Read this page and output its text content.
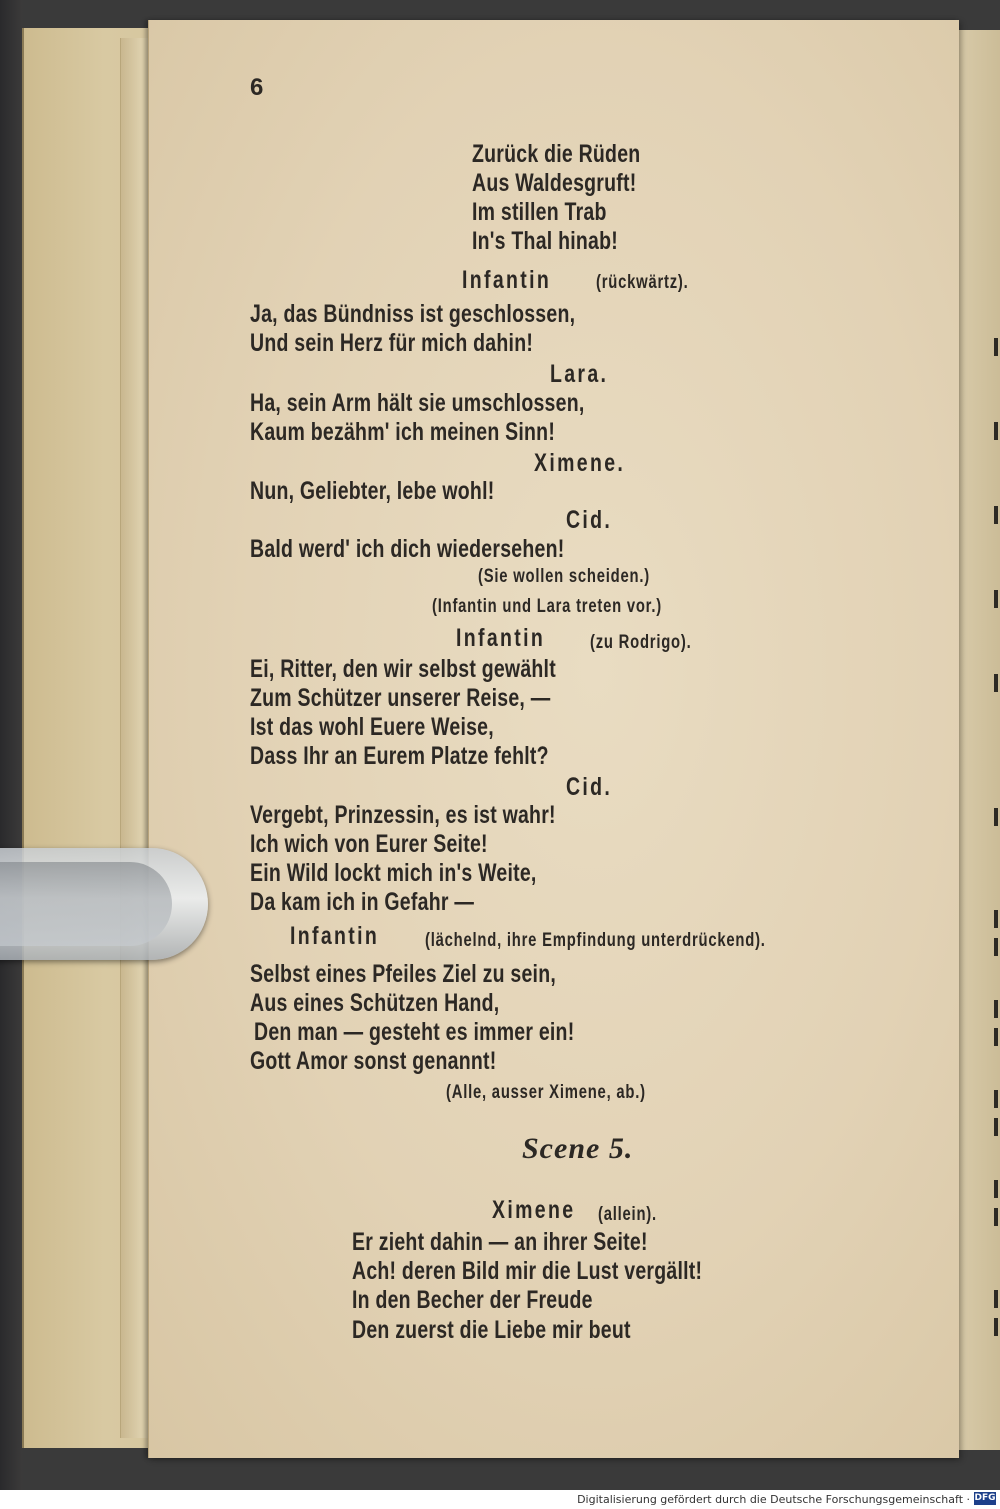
6

Zurück die Rüden

Aus Waldesgruft!

Im stillen Trab

In's Thal hinab!

Infantin (rückwärtz).

Ja, das Bündniss ist geschlossen,

Und sein Herz für mich dahin!

Lara.

Ha, sein Arm hält sie umschlossen,

Kaum bezähm' ich meinen Sinn!

Ximene.

Nun, Geliebter, lebe wohl!

Cid.

Bald werd' ich dich wiedersehen!

(Sie wollen scheiden.)

(Infantin und Lara treten vor.)

Infantin (zu Rodrigo).

Ei, Ritter, den wir selbst gewählt

Zum Schützer unserer Reise, —

Ist das wohl Euere Weise,

Dass Ihr an Eurem Platze fehlt?

Cid.

Vergebt, Prinzessin, es ist wahr!

Ich wich von Eurer Seite!

Ein Wild lockt mich in's Weite,

Da kam ich in Gefahr —

Infantin (lächelnd, ihre Empfindung unterdrückend).

Selbst eines Pfeiles Ziel zu sein,

Aus eines Schützen Hand,

Den man — gesteht es immer ein!

Gott Amor sonst genannt!

(Alle, ausser Ximene, ab.)

Scene 5.

Ximene (allein).

Er zieht dahin — an ihrer Seite!

Ach! deren Bild mir die Lust vergällt!

In den Becher der Freude

Den zuerst die Liebe mir beut

Digitalisierung gefördert durch die Deutsche Forschungsgemeinschaft · DFG
